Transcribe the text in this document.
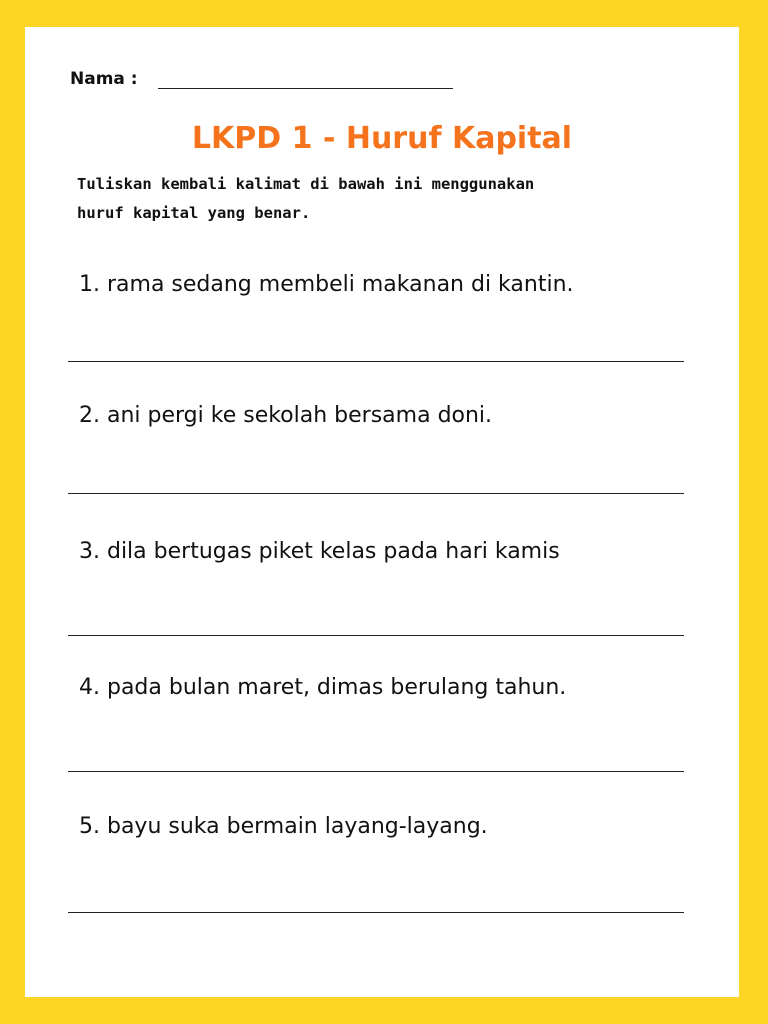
Nama :
LKPD 1 - Huruf Kapital
Tuliskan kembali kalimat di bawah ini menggunakan
huruf kapital yang benar.
1. rama sedang membeli makanan di kantin.
2. ani pergi ke sekolah bersama doni.
3. dila bertugas piket kelas pada hari kamis
4. pada bulan maret, dimas berulang tahun.
5. bayu suka bermain layang-layang.
